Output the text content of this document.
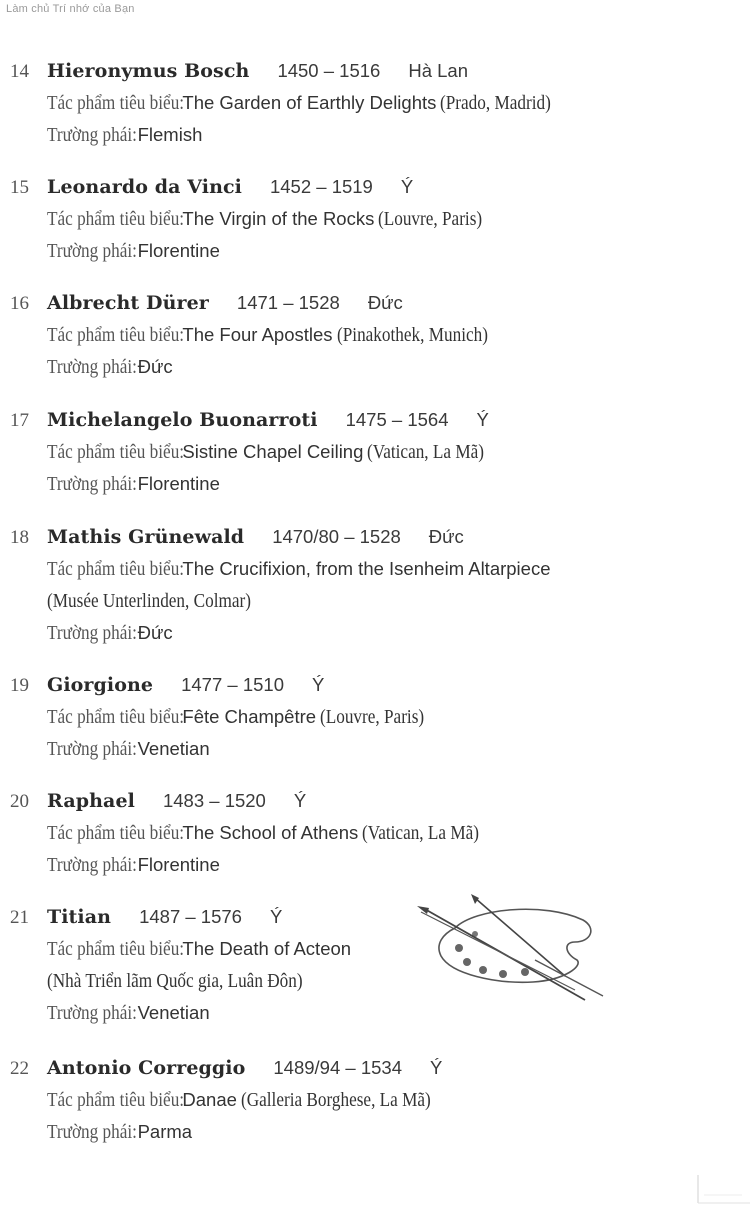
Làm chủ Trí nhớ của Bạn
14 Hieronymus Bosch 1450 – 1516 Hà Lan
Tác phẩm tiêu biểu:The Garden of Earthly Delights (Prado, Madrid)
Trường phái:Flemish
15 Leonardo da Vinci 1452 – 1519 Ý
Tác phẩm tiêu biểu:The Virgin of the Rocks (Louvre, Paris)
Trường phái:Florentine
16 Albrecht Dürer 1471 – 1528 Đức
Tác phẩm tiêu biểu:The Four Apostles (Pinakothek, Munich)
Trường phái:Đức
17 Michelangelo Buonarroti 1475 – 1564 Ý
Tác phẩm tiêu biểu:Sistine Chapel Ceiling (Vatican, La Mã)
Trường phái:Florentine
18 Mathis Grünewald 1470/80 – 1528 Đức
Tác phẩm tiêu biểu:The Crucifixion, from the Isenheim Altarpiece
(Musée Unterlinden, Colmar)
Trường phái:Đức
19 Giorgione 1477 – 1510 Ý
Tác phẩm tiêu biểu:Fête Champêtre (Louvre, Paris)
Trường phái:Venetian
20 Raphael 1483 – 1520 Ý
Tác phẩm tiêu biểu:The School of Athens (Vatican, La Mã)
Trường phái:Florentine
21 Titian 1487 – 1576 Ý
Tác phẩm tiêu biểu:The Death of Acteon
(Nhà Triển lãm Quốc gia, Luân Đôn)
Trường phái:Venetian
22 Antonio Correggio 1489/94 – 1534 Ý
Tác phẩm tiêu biểu:Danae (Galleria Borghese, La Mã)
Trường phái:Parma
